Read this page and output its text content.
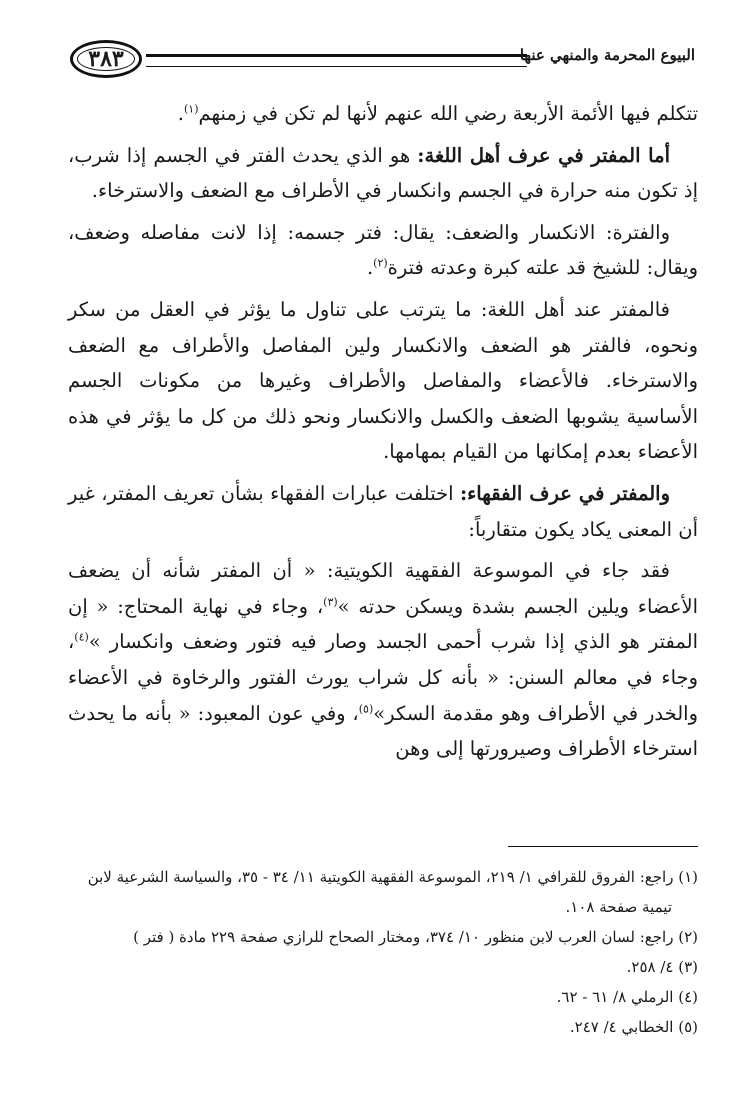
٣٨٣	البيوع المحرمة والمنهي عنها

تتكلم فيها الأئمة الأربعة رضي الله عنهم لأنها لم تكن في زمنهم$^{(١)}$.

أما المفتر في عرف أهل اللغة: هو الذي يحدث الفتر في الجسم إذا شرب، إذ تكون منه حرارة في الجسم وانكسار في الأطراف مع الضعف والاسترخاء.

والفترة: الانكسار والضعف: يقال: فتر جسمه: إذا لانت مفاصله وضعف، ويقال: للشيخ قد علته كبرة وعدته فترة$^{(٢)}$.

فالمفتر عند أهل اللغة: ما يترتب على تناول ما يؤثر في العقل من سكر ونحوه، فالفتر هو الضعف والانكسار ولين المفاصل والأطراف مع الضعف والاسترخاء. فالأعضاء والمفاصل والأطراف وغيرها من مكونات الجسم الأساسية يشوبها الضعف والكسل والانكسار ونحو ذلك من كل ما يؤثر في هذه الأعضاء بعدم إمكانها من القيام بمهامها.

والمفتر في عرف الفقهاء: اختلفت عبارات الفقهاء بشأن تعريف المفتر، غير أن المعنى يكاد يكون متقارباً:

فقد جاء في الموسوعة الفقهية الكويتية: « أن المفتر شأنه أن يضعف الأعضاء ويلين الجسم بشدة ويسكن حدته »$^{(٣)}$، وجاء في نهاية المحتاج: « إن المفتر هو الذي إذا شرب أحمى الجسد وصار فيه فتور وضعف وانكسار »$^{(٤)}$، وجاء في معالم السنن: « بأنه كل شراب يورث الفتور والرخاوة في الأعضاء والخدر في الأطراف وهو مقدمة السكر»$^{(٥)}$، وفي عون المعبود: « بأنه ما يحدث استرخاء الأطراف وصيرورتها إلى وهن

(١) راجع: الفروق للقرافي ١/ ٢١٩، الموسوعة الفقهية الكويتية ١١/ ٣٤ - ٣٥، والسياسة الشرعية لابن
تيمية صفحة ١٠٨.
(٢) راجع: لسان العرب لابن منظور ١٠/ ٣٧٤، ومختار الصحاح للرازي صفحة ٢٢٩ مادة ( فتر )
(٣) ٤/ ٢٥٨.
(٤) الرملي ٨/ ٦١ - ٦٢.
(٥) الخطابي ٤/ ٢٤٧.
